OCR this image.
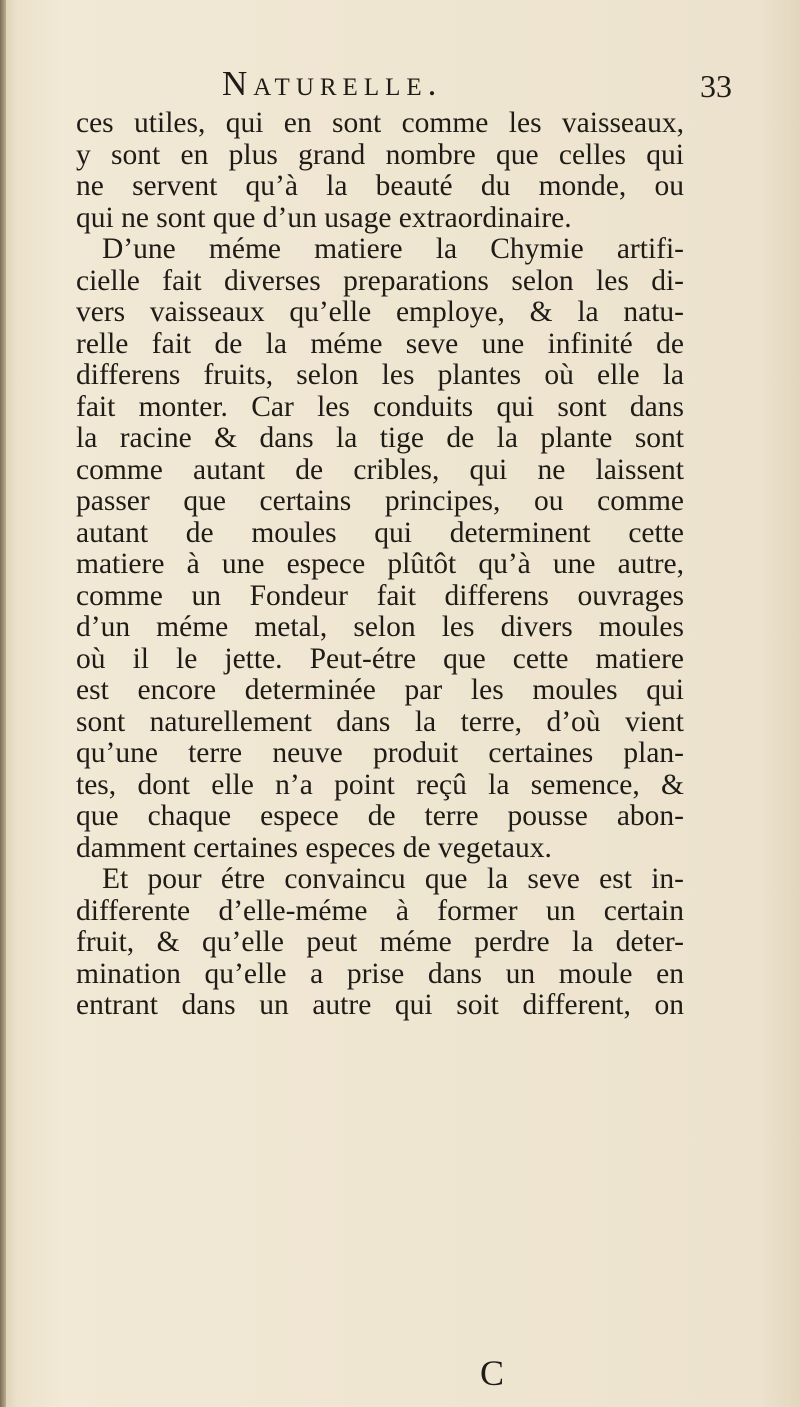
Naturelle.	33
ces utiles, qui en sont comme les vaisseaux,
y sont en plus grand nombre que celles qui
ne servent qu’à la beauté du monde, ou
qui ne sont que d’un usage extraordinaire.
D’une méme matiere la Chymie artifi-
cielle fait diverses preparations selon les di-
vers vaisseaux qu’elle employe, & la natu-
relle fait de la méme seve une infinité de
differens fruits, selon les plantes où elle la
fait monter. Car les conduits qui sont dans
la racine & dans la tige de la plante sont
comme autant de cribles, qui ne laissent
passer que certains principes, ou comme
autant de moules qui determinent cette
matiere à une espece plûtôt qu’à une autre,
comme un Fondeur fait differens ouvrages
d’un méme metal, selon les divers moules
où il le jette. Peut-étre que cette matiere
est encore determinée par les moules qui
sont naturellement dans la terre, d’où vient
qu’une terre neuve produit certaines plan-
tes, dont elle n’a point reçû la semence, &
que chaque espece de terre pousse abon-
damment certaines especes de vegetaux.
Et pour étre convaincu que la seve est in-
differente d’elle-méme à former un certain
fruit, & qu’elle peut méme perdre la deter-
mination qu’elle a prise dans un moule en
entrant dans un autre qui soit different, on
C
